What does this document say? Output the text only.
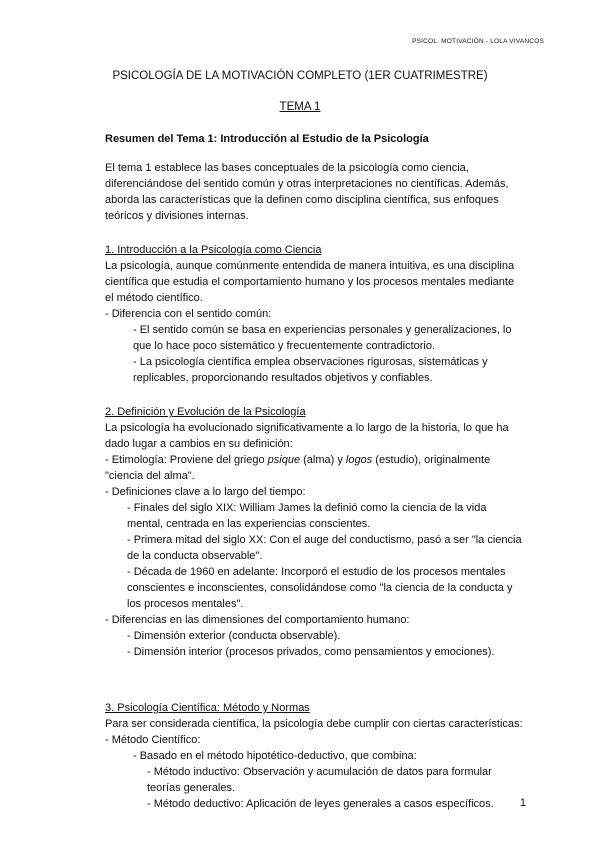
PSICOL. MOTIVACIÓN - LOLA VIVANCOS
PSICOLOGÍA DE LA MOTIVACIÓN COMPLETO (1ER CUATRIMESTRE)
TEMA 1

Resumen del Tema 1: Introducción al Estudio de la Psicología

El tema 1 establece las bases conceptuales de la psicología como ciencia, diferenciándose del sentido común y otras interpretaciones no científicas. Además, aborda las características que la definen como disciplina científica, sus enfoques teóricos y divisiones internas.

1. Introducción a la Psicología como Ciencia

La psicología, aunque comúnmente entendida de manera intuitiva, es una disciplina científica que estudia el comportamiento humano y los procesos mentales mediante el método científico.

- Diferencia con el sentido común:

- El sentido común se basa en experiencias personales y generalizaciones, lo que lo hace poco sistemático y frecuentemente contradictorio.

- La psicología científica emplea observaciones rigurosas, sistemáticas y replicables, proporcionando resultados objetivos y confiables.

2. Definición y Evolución de la Psicología

La psicología ha evolucionado significativamente a lo largo de la historia, lo que ha dado lugar a cambios en su definición:

- Etimología: Proviene del griego psique (alma) y logos (estudio), originalmente "ciencia del alma".

- Definiciones clave a lo largo del tiempo:

- Finales del siglo XIX: William James la definió como la ciencia de la vida mental, centrada en las experiencias conscientes.

- Primera mitad del siglo XX: Con el auge del conductismo, pasó a ser "la ciencia de la conducta observable".

- Década de 1960 en adelante: Incorporó el estudio de los procesos mentales conscientes e inconscientes, consolidándose como "la ciencia de la conducta y los procesos mentales".

- Diferencias en las dimensiones del comportamiento humano:

- Dimensión exterior (conducta observable).

- Dimensión interior (procesos privados, como pensamientos y emociones).

3. Psicología Científica: Método y Normas

Para ser considerada científica, la psicología debe cumplir con ciertas características:

- Método Científico:

- Basado en el método hipotético-deductivo, que combina:

- Método inductivo: Observación y acumulación de datos para formular teorías generales.

- Método deductivo: Aplicación de leyes generales a casos específicos.	1
